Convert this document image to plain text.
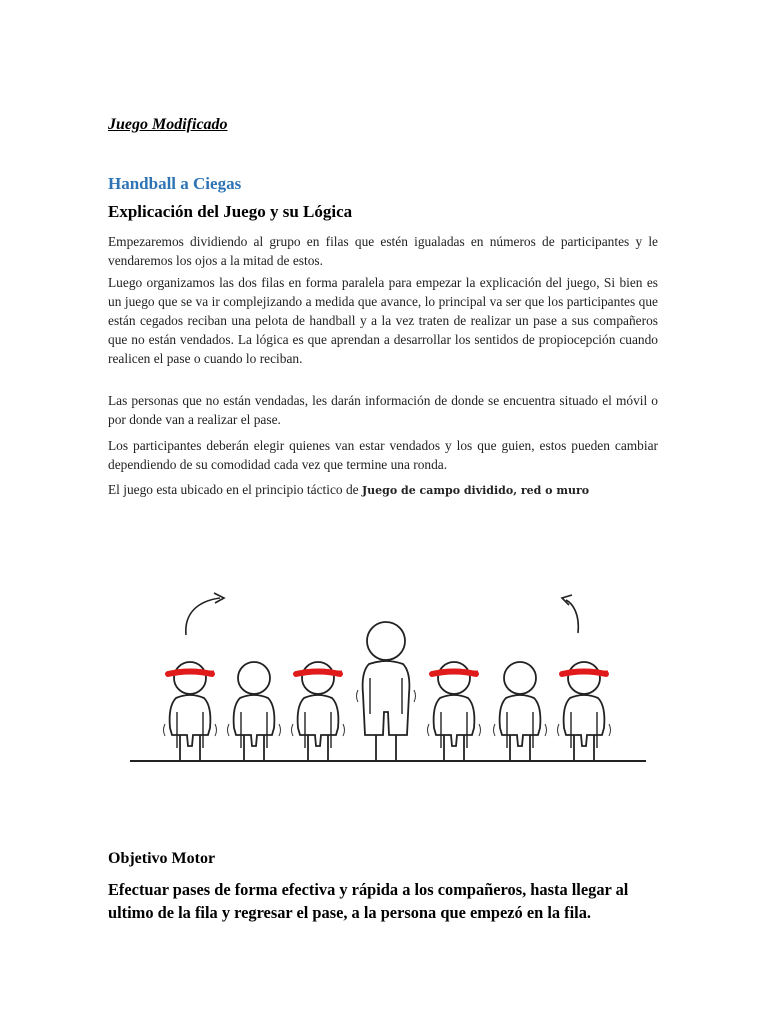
Juego Modificado
Handball a Ciegas
Explicación del Juego y su Lógica
Empezaremos dividiendo al grupo en filas que estén igualadas en números de participantes y le vendaremos los ojos a la mitad de estos.
Luego organizamos las dos filas en forma paralela para empezar la explicación del juego, Si bien es un juego que se va ir complejizando a medida que avance, lo principal va ser que los participantes que están cegados reciban una pelota de handball y a la vez traten de realizar un pase a sus compañeros que no están vendados. La lógica es que aprendan a desarrollar los sentidos de propiocepción cuando realicen el pase o cuando lo reciban.
Las personas que no están vendadas, les darán información de donde se encuentra situado el móvil o por donde van a realizar el pase.
Los participantes deberán elegir quienes van estar vendados y los que guien, estos pueden cambiar dependiendo de su comodidad cada vez que termine una ronda.
El juego esta ubicado en el principio táctico de Juego de campo dividido, red o muro
Objetivo Motor
Efectuar pases de forma efectiva y rápida a los compañeros, hasta llegar al ultimo de la fila y regresar el pase, a la persona que empezó en la fila.
